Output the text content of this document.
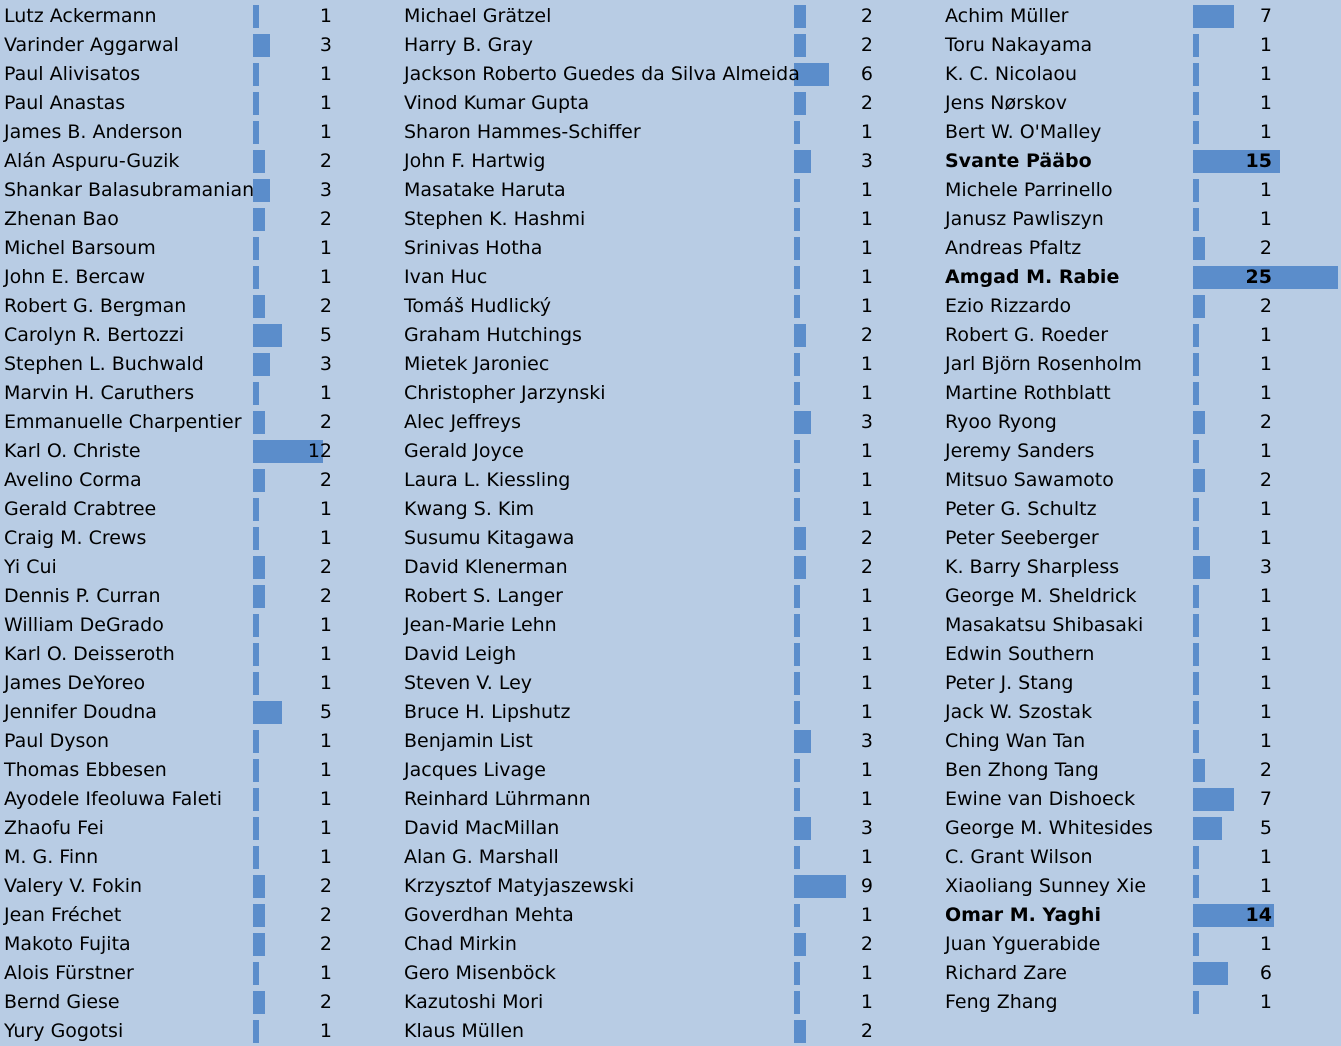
Lutz Ackermann	1
Varinder Aggarwal	3
Paul Alivisatos	1
Paul Anastas	1
James B. Anderson	1
Alán Aspuru-Guzik	2
Shankar Balasubramanian	3
Zhenan Bao	2
Michel Barsoum	1
John E. Bercaw	1
Robert G. Bergman	2
Carolyn R. Bertozzi	5
Stephen L. Buchwald	3
Marvin H. Caruthers	1
Emmanuelle Charpentier	2
Karl O. Christe	12
Avelino Corma	2
Gerald Crabtree	1
Craig M. Crews	1
Yi Cui	2
Dennis P. Curran	2
William DeGrado	1
Karl O. Deisseroth	1
James DeYoreo	1
Jennifer Doudna	5
Paul Dyson	1
Thomas Ebbesen	1
Ayodele Ifeoluwa Faleti	1
Zhaofu Fei	1
M. G. Finn	1
Valery V. Fokin	2
Jean Fréchet	2
Makoto Fujita	2
Alois Fürstner	1
Bernd Giese	2
Yury Gogotsi	1
Michael Grätzel	2
Harry B. Gray	2
Jackson Roberto Guedes da Silva Almeida	6
Vinod Kumar Gupta	2
Sharon Hammes-Schiffer	1
John F. Hartwig	3
Masatake Haruta	1
Stephen K. Hashmi	1
Srinivas Hotha	1
Ivan Huc	1
Tomáš Hudlický	1
Graham Hutchings	2
Mietek Jaroniec	1
Christopher Jarzynski	1
Alec Jeffreys	3
Gerald Joyce	1
Laura L. Kiessling	1
Kwang S. Kim	1
Susumu Kitagawa	2
David Klenerman	2
Robert S. Langer	1
Jean-Marie Lehn	1
David Leigh	1
Steven V. Ley	1
Bruce H. Lipshutz	1
Benjamin List	3
Jacques Livage	1
Reinhard Lührmann	1
David MacMillan	3
Alan G. Marshall	1
Krzysztof Matyjaszewski	9
Goverdhan Mehta	1
Chad Mirkin	2
Gero Misenböck	1
Kazutoshi Mori	1
Klaus Müllen	2
Achim Müller	7
Toru Nakayama	1
K. C. Nicolaou	1
Jens Nørskov	1
Bert W. O'Malley	1
Svante Pääbo	15
Michele Parrinello	1
Janusz Pawliszyn	1
Andreas Pfaltz	2
Amgad M. Rabie	25
Ezio Rizzardo	2
Robert G. Roeder	1
Jarl Björn Rosenholm	1
Martine Rothblatt	1
Ryoo Ryong	2
Jeremy Sanders	1
Mitsuo Sawamoto	2
Peter G. Schultz	1
Peter Seeberger	1
K. Barry Sharpless	3
George M. Sheldrick	1
Masakatsu Shibasaki	1
Edwin Southern	1
Peter J. Stang	1
Jack W. Szostak	1
Ching Wan Tan	1
Ben Zhong Tang	2
Ewine van Dishoeck	7
George M. Whitesides	5
C. Grant Wilson	1
Xiaoliang Sunney Xie	1
Omar M. Yaghi	14
Juan Yguerabide	1
Richard Zare	6
Feng Zhang	1
